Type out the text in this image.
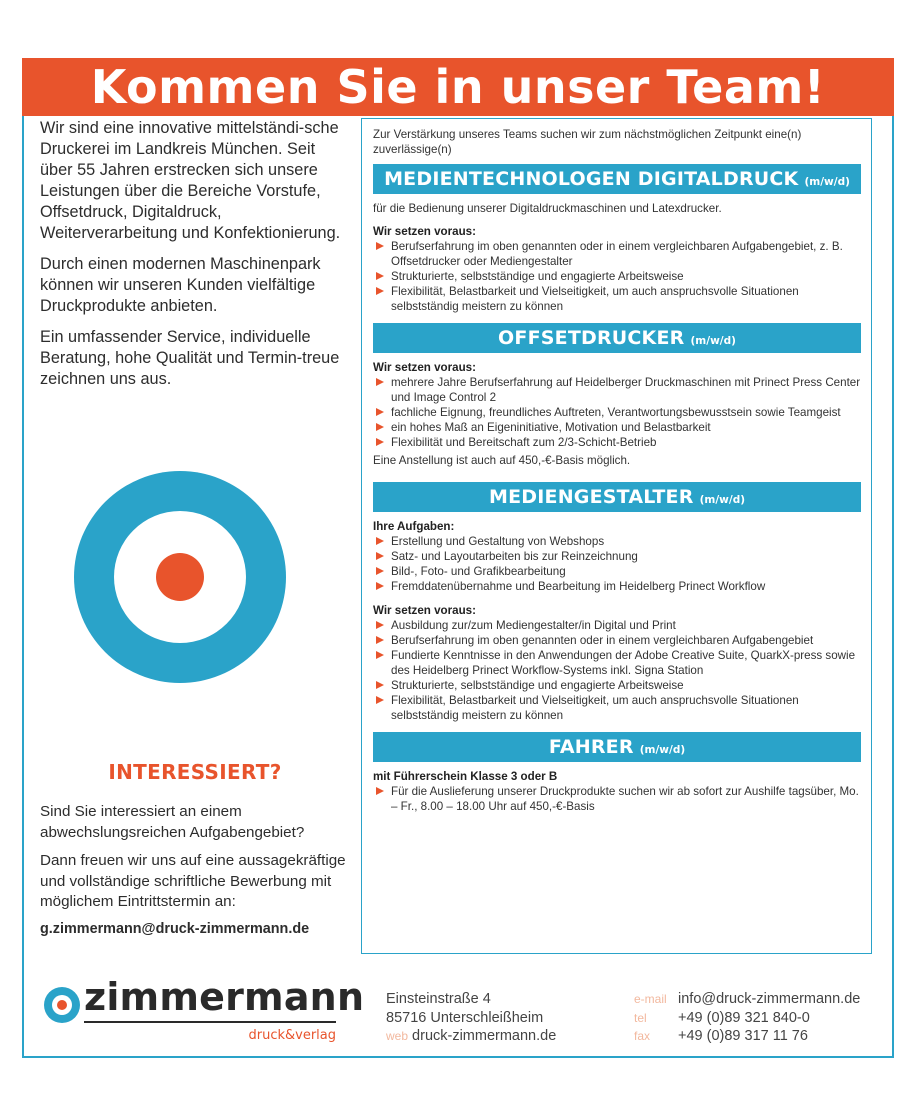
Kommen Sie in unser Team!

Wir sind eine innovative mittelständi-sche Druckerei im Landkreis München. Seit über 55 Jahren erstrecken sich unsere Leistungen über die Bereiche Vorstufe, Offsetdruck, Digitaldruck, Weiterverarbeitung und Konfektionierung.

Durch einen modernen Maschinenpark können wir unseren Kunden vielfältige Druckprodukte anbieten.

Ein umfassender Service, individuelle Beratung, hohe Qualität und Termin-treue zeichnen uns aus.

INTERESSIERT?

Sind Sie interessiert an einem abwechslungsreichen Aufgabengebiet?

Dann freuen wir uns auf eine aussagekräftige und vollständige schriftliche Bewerbung mit möglichem Eintrittstermin an:

g.zimmermann@druck-zimmermann.de

Zur Verstärkung unseres Teams suchen wir zum nächstmöglichen Zeitpunkt eine(n) zuverlässige(n)

MEDIENTECHNOLOGEN DIGITALDRUCK (m/w/d)

für die Bedienung unserer Digitaldruckmaschinen und Latexdrucker.

Wir setzen voraus:
Berufserfahrung im oben genannten oder in einem vergleichbaren Aufgabengebiet, z. B. Offsetdrucker oder Mediengestalter
Strukturierte, selbstständige und engagierte Arbeitsweise
Flexibilität, Belastbarkeit und Vielseitigkeit, um auch anspruchsvolle Situationen selbstständig meistern zu können
OFFSETDRUCKER (m/w/d)
Wir setzen voraus:
mehrere Jahre Berufserfahrung auf Heidelberger Druckmaschinen mit Prinect Press Center und Image Control 2
fachliche Eignung, freundliches Auftreten, Verantwortungsbewusstsein sowie Teamgeist
ein hohes Maß an Eigeninitiative, Motivation und Belastbarkeit
Flexibilität und Bereitschaft zum 2/3-Schicht-Betrieb

Eine Anstellung ist auch auf 450,-€-Basis möglich.

MEDIENGESTALTER (m/w/d)
Ihre Aufgaben:
Erstellung und Gestaltung von Webshops
Satz- und Layoutarbeiten bis zur Reinzeichnung
Bild-, Foto- und Grafikbearbeitung
Fremddatenübernahme und Bearbeitung im Heidelberg Prinect Workflow
Wir setzen voraus:
Ausbildung zur/zum Mediengestalter/in Digital und Print
Berufserfahrung im oben genannten oder in einem vergleichbaren Aufgabengebiet
Fundierte Kenntnisse in den Anwendungen der Adobe Creative Suite, QuarkX-press sowie des Heidelberg Prinect Workflow-Systems inkl. Signa Station
Strukturierte, selbstständige und engagierte Arbeitsweise
Flexibilität, Belastbarkeit und Vielseitigkeit, um auch anspruchsvolle Situationen selbstständig meistern zu können
FAHRER (m/w/d)
mit Führerschein Klasse 3 oder B
Für die Auslieferung unserer Druckprodukte suchen wir ab sofort zur Aushilfe tagsüber, Mo. – Fr., 8.00 – 18.00 Uhr auf 450,-€-Basis
zimmermann
druck&verlag
Einsteinstraße 4
85716 Unterschleißheim
web druck-zimmermann.de
e-mail info@druck-zimmermann.de
tel +49 (0)89 321 840-0
fax +49 (0)89 317 11 76
